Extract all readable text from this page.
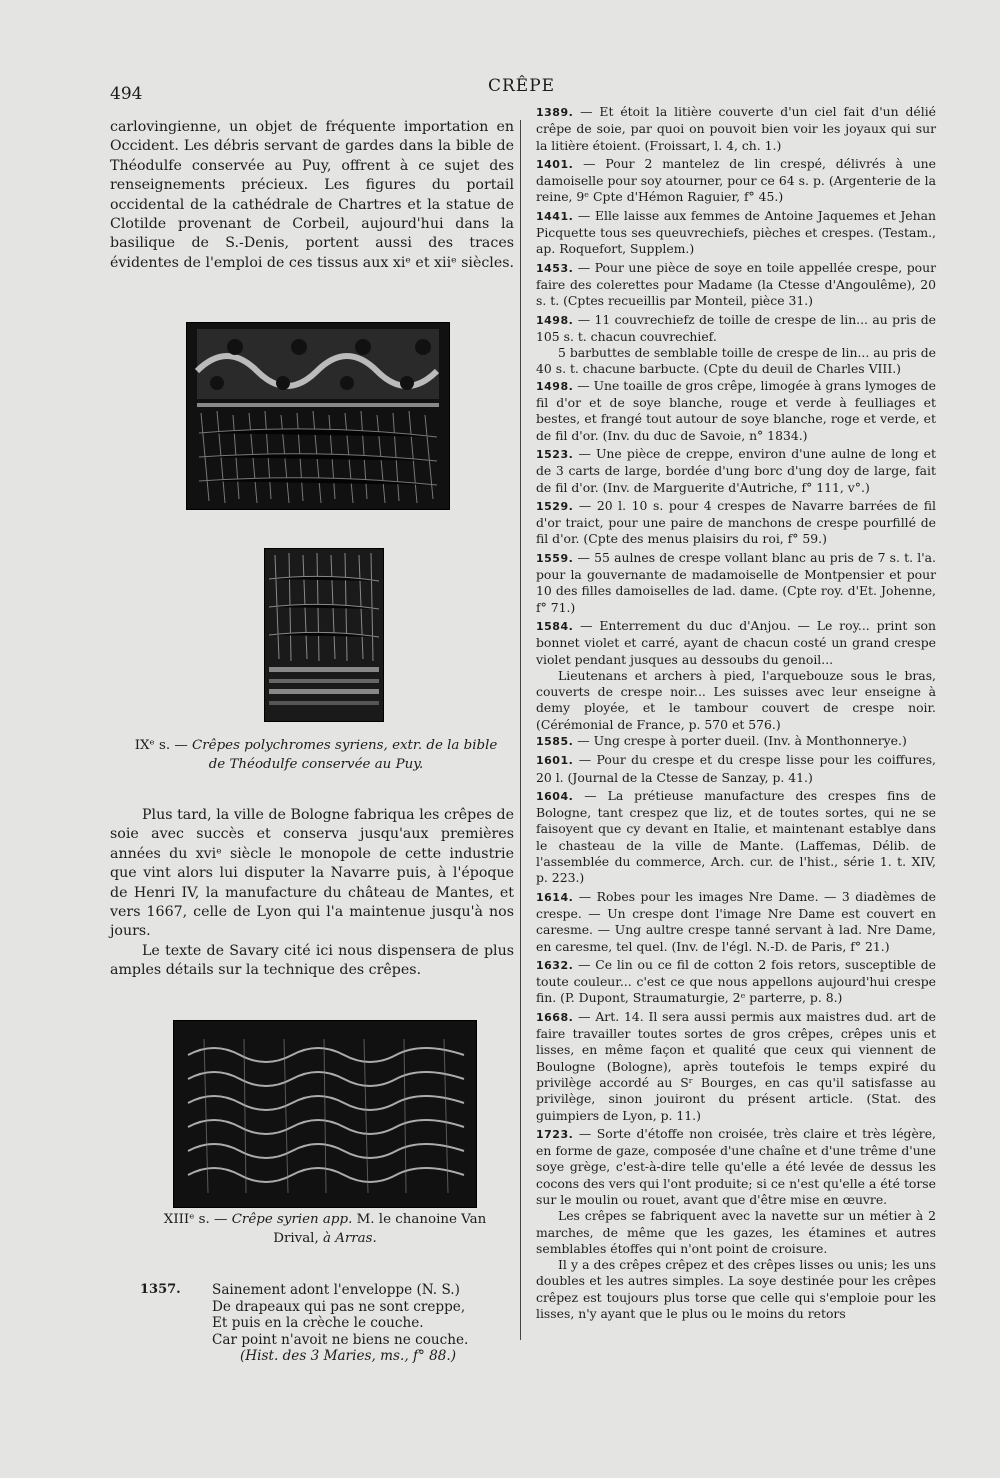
494	CRÊPE

carlovingienne, un objet de fréquente importation en Occident. Les débris servant de gardes dans la bible de Théodulfe conservée au Puy, offrent à ce sujet des renseignements précieux. Les figures du portail occidental de la cathédrale de Chartres et la statue de Clotilde provenant de Corbeil, aujourd'hui dans la basilique de S.-Denis, portent aussi des traces évidentes de l'emploi de ces tissus aux xiᵉ et xiiᵉ siècles.

IXᵉ s. — Crêpes polychromes syriens, extr. de la bible de Théodulfe conservée au Puy.

Plus tard, la ville de Bologne fabriqua les crêpes de soie avec succès et conserva jusqu'aux premières années du xviᵉ siècle le monopole de cette industrie que vint alors lui disputer la Navarre puis, à l'époque de Henri IV, la manufacture du château de Mantes, et vers 1667, celle de Lyon qui l'a maintenue jusqu'à nos jours.

Le texte de Savary cité ici nous dispensera de plus amples détails sur la technique des crêpes.

XIIIᵉ s. — Crêpe syrien app. M. le chanoine Van Drival, à Arras.
1357. Sainement adont l'enveloppe (N. S.)
De drapeaux qui pas ne sont creppe,
Et puis en la crèche le couche.
Car point n'avoit ne biens ne couche.
(Hist. des 3 Maries, ms., f° 88.)

1389. — Et étoit la litière couverte d'un ciel fait d'un délié crêpe de soie, par quoi on pouvoit bien voir les joyaux qui sur la litière étoient. (Froissart, l. 4, ch. 1.)

1401. — Pour 2 mantelez de lin crespé, délivrés à une damoiselle pour soy atourner, pour ce 64 s. p. (Argenterie de la reine, 9ᵉ Cpte d'Hémon Raguier, f° 45.)

1441. — Elle laisse aux femmes de Antoine Jaquemes et Jehan Picquette tous ses queuvrechiefs, pièches et crespes. (Testam., ap. Roquefort, Supplem.)

1453. — Pour une pièce de soye en toile appellée crespe, pour faire des colerettes pour Madame (la Ctesse d'Angoulême), 20 s. t. (Cptes recueillis par Monteil, pièce 31.)

1498. — 11 couvrechiefz de toille de crespe de lin... au pris de 105 s. t. chacun couvrechief.

5 barbuttes de semblable toille de crespe de lin... au pris de 40 s. t. chacune barbucte. (Cpte du deuil de Charles VIII.)

1498. — Une toaille de gros crêpe, limogée à grans lymoges de fil d'or et de soye blanche, rouge et verde à feulliages et bestes, et frangé tout autour de soye blanche, roge et verde, et de fil d'or. (Inv. du duc de Savoie, n° 1834.)

1523. — Une pièce de creppe, environ d'une aulne de long et de 3 carts de large, bordée d'ung borc d'ung doy de large, fait de fil d'or. (Inv. de Marguerite d'Autriche, f° 111, v°.)

1529. — 20 l. 10 s. pour 4 crespes de Navarre barrées de fil d'or traict, pour une paire de manchons de crespe pourfillé de fil d'or. (Cpte des menus plaisirs du roi, f° 59.)

1559. — 55 aulnes de crespe vollant blanc au pris de 7 s. t. l'a. pour la gouvernante de madamoiselle de Montpensier et pour 10 des filles damoiselles de lad. dame. (Cpte roy. d'Et. Johenne, f° 71.)

1584. — Enterrement du duc d'Anjou. — Le roy... print son bonnet violet et carré, ayant de chacun costé un grand crespe violet pendant jusques au dessoubs du genoil...

Lieutenans et archers à pied, l'arquebouze sous le bras, couverts de crespe noir... Les suisses avec leur enseigne à demy ployée, et le tambour couvert de crespe noir. (Cérémonial de France, p. 570 et 576.)

1585. — Ung crespe à porter dueil. (Inv. à Monthonnerye.)

1601. — Pour du crespe et du crespe lisse pour les coiffures, 20 l. (Journal de la Ctesse de Sanzay, p. 41.)

1604. — La prétieuse manufacture des crespes fins de Bologne, tant crespez que liz, et de toutes sortes, qui ne se faisoyent que cy devant en Italie, et maintenant establye dans le chasteau de la ville de Mante. (Laffemas, Délib. de l'assemblée du commerce, Arch. cur. de l'hist., série 1. t. XIV, p. 223.)

1614. — Robes pour les images Nre Dame. — 3 diadèmes de crespe. — Un crespe dont l'image Nre Dame est couvert en caresme. — Ung aultre crespe tanné servant à lad. Nre Dame, en caresme, tel quel. (Inv. de l'égl. N.-D. de Paris, f° 21.)

1632. — Ce lin ou ce fil de cotton 2 fois retors, susceptible de toute couleur... c'est ce que nous appellons aujourd'hui crespe fin. (P. Dupont, Straumaturgie, 2ᵉ parterre, p. 8.)

1668. — Art. 14. Il sera aussi permis aux maistres dud. art de faire travailler toutes sortes de gros crêpes, crêpes unis et lisses, en même façon et qualité que ceux qui viennent de Boulogne (Bologne), après toutefois le temps expiré du privilège accordé au Sʳ Bourges, en cas qu'il satisfasse au privilège, sinon jouiront du présent article. (Stat. des guimpiers de Lyon, p. 11.)

1723. — Sorte d'étoffe non croisée, très claire et très légère, en forme de gaze, composée d'une chaîne et d'une trême d'une soye grège, c'est-à-dire telle qu'elle a été levée de dessus les cocons des vers qui l'ont produite; si ce n'est qu'elle a été torse sur le moulin ou rouet, avant que d'être mise en œuvre.

Les crêpes se fabriquent avec la navette sur un métier à 2 marches, de même que les gazes, les étamines et autres semblables étoffes qui n'ont point de croisure.

Il y a des crêpes crêpez et des crêpes lisses ou unis; les uns doubles et les autres simples. La soye destinée pour les crêpes crêpez est toujours plus torse que celle qui s'emploie pour les lisses, n'y ayant que le plus ou le moins du retors
